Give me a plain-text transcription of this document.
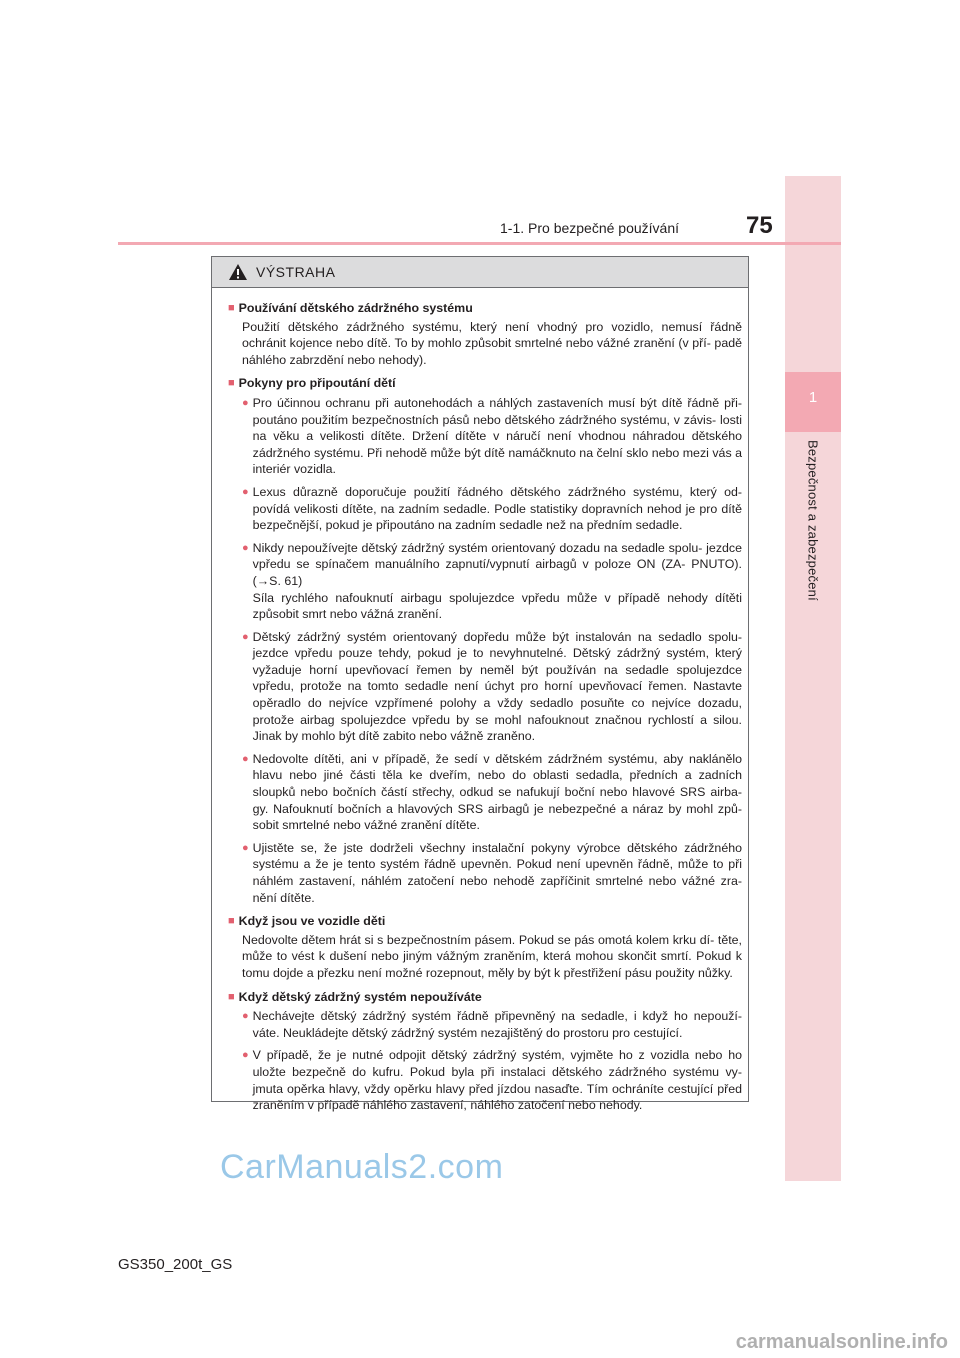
1
Bezpečnost a zabezpečení
1-1. Pro bezpečné používání	75
VÝSTRAHA
■ Používání dětského zádržného systému
Použití dětského zádržného systému, který není vhodný pro vozidlo, nemusí řádně ochránit kojence nebo dítě. To by mohlo způsobit smrtelné nebo vážné zranění (v pří- padě náhlého zabrzdění nebo nehody).
■ Pokyny pro připoutání dětí
● Pro účinnou ochranu při autonehodách a náhlých zastaveních musí být dítě řádně při- poutáno použitím bezpečnostních pásů nebo dětského zádržného systému, v závis- losti na věku a velikosti dítěte. Držení dítěte v náručí není vhodnou náhradou dětského zádržného systému. Při nehodě může být dítě namáčknuto na čelní sklo nebo mezi vás a interiér vozidla.
● Lexus důrazně doporučuje použití řádného dětského zádržného systému, který od- povídá velikosti dítěte, na zadním sedadle. Podle statistiky dopravních nehod je pro dítě bezpečnější, pokud je připoutáno na zadním sedadle než na předním sedadle.
● Nikdy nepoužívejte dětský zádržný systém orientovaný dozadu na sedadle spolu- jezdce vpředu se spínačem manuálního zapnutí/vypnutí airbagů v poloze ON (ZA- PNUTO). (→S. 61)
Síla rychlého nafouknutí airbagu spolujezdce vpředu může v případě nehody dítěti způsobit smrt nebo vážná zranění.
● Dětský zádržný systém orientovaný dopředu může být instalován na sedadlo spolu- jezdce vpředu pouze tehdy, pokud je to nevyhnutelné. Dětský zádržný systém, který vyžaduje horní upevňovací řemen by neměl být používán na sedadle spolujezdce vpředu, protože na tomto sedadle není úchyt pro horní upevňovací řemen. Nastavte opěradlo do nejvíce vzpřímené polohy a vždy sedadlo posuňte co nejvíce dozadu, protože airbag spolujezdce vpředu by se mohl nafouknout značnou rychlostí a silou. Jinak by mohlo být dítě zabito nebo vážně zraněno.
● Nedovolte dítěti, ani v případě, že sedí v dětském zádržném systému, aby naklánělo hlavu nebo jiné části těla ke dveřím, nebo do oblasti sedadla, předních a zadních sloupků nebo bočních částí střechy, odkud se nafukují boční nebo hlavové SRS airba- gy. Nafouknutí bočních a hlavových SRS airbagů je nebezpečné a náraz by mohl způ- sobit smrtelné nebo vážné zranění dítěte.
● Ujistěte se, že jste dodrželi všechny instalační pokyny výrobce dětského zádržného systému a že je tento systém řádně upevněn. Pokud není upevněn řádně, může to při náhlém zastavení, náhlém zatočení nebo nehodě zapříčinit smrtelné nebo vážné zra- nění dítěte.
■ Když jsou ve vozidle děti
Nedovolte dětem hrát si s bezpečnostním pásem. Pokud se pás omotá kolem krku dí- těte, může to vést k dušení nebo jiným vážným zraněním, která mohou skončit smrtí. Pokud k tomu dojde a přezku není možné rozepnout, měly by být k přestřižení pásu použity nůžky.
■ Když dětský zádržný systém nepoužíváte
● Nechávejte dětský zádržný systém řádně připevněný na sedadle, i když ho nepouží- váte. Neukládejte dětský zádržný systém nezajištěný do prostoru pro cestující.
● V případě, že je nutné odpojit dětský zádržný systém, vyjměte ho z vozidla nebo ho uložte bezpečně do kufru. Pokud byla při instalaci dětského zádržného systému vy- jmuta opěrka hlavy, vždy opěrku hlavy před jízdou nasaďte. Tím ochráníte cestující před zraněním v případě náhlého zastavení, náhlého zatočení nebo nehody.
CarManuals2.com
GS350_200t_GS
carmanualsonline.info
